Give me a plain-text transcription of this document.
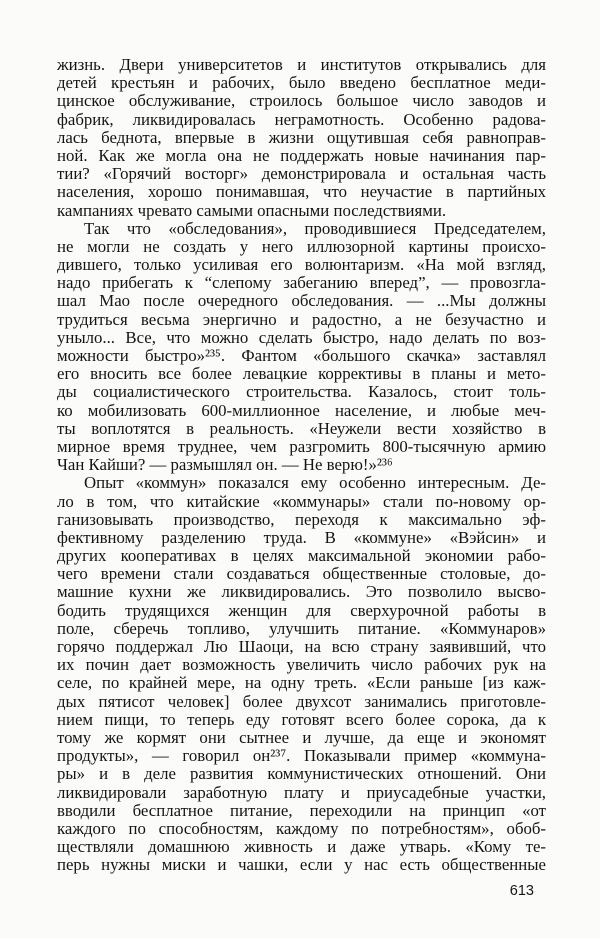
жизнь. Двери университетов и институтов открывались для
детей крестьян и рабочих, было введено бесплатное меди-
цинское обслуживание, строилось большое число заводов и
фабрик, ликвидировалась неграмотность. Особенно радова-
лась беднота, впервые в жизни ощутившая себя равноправ-
ной. Как же могла она не поддержать новые начинания пар-
тии? «Горячий восторг» демонстрировала и остальная часть
населения, хорошо понимавшая, что неучастие в партийных
кампаниях чревато самыми опасными последствиями.
Так что «обследования», проводившиеся Председателем,
не могли не создать у него иллюзорной картины происхо-
дившего, только усиливая его волюнтаризм. «На мой взгляд,
надо прибегать к “слепому забеганию вперед”, — провозгла-
шал Мао после очередного обследования. — ...Мы должны
трудиться весьма энергично и радостно, а не безучастно и
уныло... Все, что можно сделать быстро, надо делать по воз-
можности быстро»²³⁵. Фантом «большого скачка» заставлял
его вносить все более левацкие коррективы в планы и мето-
ды социалистического строительства. Казалось, стоит толь-
ко мобилизовать 600-миллионное население, и любые меч-
ты воплотятся в реальность. «Неужели вести хозяйство в
мирное время труднее, чем разгромить 800-тысячную армию
Чан Кайши? — размышлял он. — Не верю!»²³⁶
Опыт «коммун» показался ему особенно интересным. Де-
ло в том, что китайские «коммунары» стали по-новому ор-
ганизовывать производство, переходя к максимально эф-
фективному разделению труда. В «коммуне» «Вэйсин» и
других кооперативах в целях максимальной экономии рабо-
чего времени стали создаваться общественные столовые, до-
машние кухни же ликвидировались. Это позволило высво-
бодить трудящихся женщин для сверхурочной работы в
поле, сберечь топливо, улучшить питание. «Коммунаров»
горячо поддержал Лю Шаоци, на всю страну заявивший, что
их почин дает возможность увеличить число рабочих рук на
селе, по крайней мере, на одну треть. «Если раньше [из каж-
дых пятисот человек] более двухсот занимались приготовле-
нием пищи, то теперь еду готовят всего более сорока, да к
тому же кормят они сытнее и лучше, да еще и экономят
продукты», — говорил он²³⁷. Показывали пример «коммуна-
ры» и в деле развития коммунистических отношений. Они
ликвидировали заработную плату и приусадебные участки,
вводили бесплатное питание, переходили на принцип «от
каждого по способностям, каждому по потребностям», обоб-
ществляли домашнюю живность и даже утварь. «Кому те-
перь нужны миски и чашки, если у нас есть общественные
613
